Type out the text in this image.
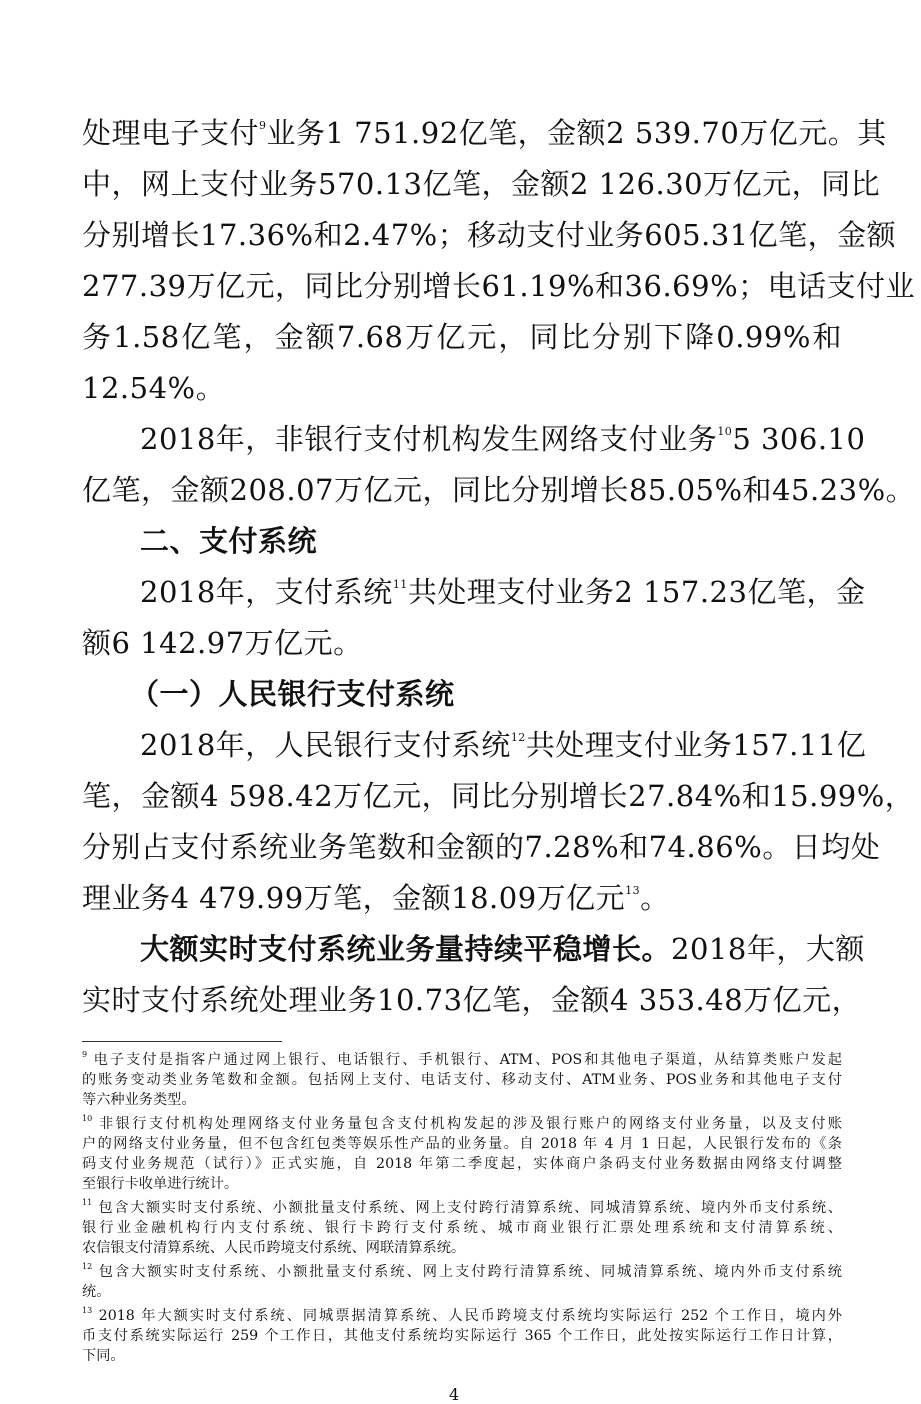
处理电子支付$^9$业务1 751.92亿笔，金额2 539.70万亿元。其
中，网上支付业务570.13亿笔，金额2 126.30万亿元，同比
分别增长17.36%和2.47%；移动支付业务605.31亿笔，金额
277.39万亿元，同比分别增长61.19%和36.69%；电话支付业
务1.58亿笔，金额7.68万亿元，同比分别下降0.99%和
12.54%。
2018年，非银行支付机构发生网络支付业务$^{10}$5 306.10
亿笔，金额208.07万亿元，同比分别增长85.05%和45.23%。
二、支付系统
2018年，支付系统$^{11}$共处理支付业务2 157.23亿笔，金
额6 142.97万亿元。
（一）人民银行支付系统
2018年，人民银行支付系统$^{12}$共处理支付业务157.11亿
笔，金额4 598.42万亿元，同比分别增长27.84%和15.99%，
分别占支付系统业务笔数和金额的7.28%和74.86%。日均处
理业务4 479.99万笔，金额18.09万亿元$^{13}$。
大额实时支付系统业务量持续平稳增长。2018年，大额
实时支付系统处理业务10.73亿笔，金额4 353.48万亿元，
$^9$ 电子支付是指客户通过网上银行、电话银行、手机银行、ATM、POS和其他电子渠道，从结算类账户发起
的账务变动类业务笔数和金额。包括网上支付、电话支付、移动支付、ATM业务、POS业务和其他电子支付
等六种业务类型。
$^{10}$ 非银行支付机构处理网络支付业务量包含支付机构发起的涉及银行账户的网络支付业务量，以及支付账
户的网络支付业务量，但不包含红包类等娱乐性产品的业务量。自 2018 年 4 月 1 日起，人民银行发布的《条
码支付业务规范（试行）》正式实施，自 2018 年第二季度起，实体商户条码支付业务数据由网络支付调整
至银行卡收单进行统计。
$^{11}$ 包含大额实时支付系统、小额批量支付系统、网上支付跨行清算系统、同城清算系统、境内外币支付系统、
银行业金融机构行内支付系统、银行卡跨行支付系统、城市商业银行汇票处理系统和支付清算系统、
农信银支付清算系统、人民币跨境支付系统、网联清算系统。
$^{12}$ 包含大额实时支付系统、小额批量支付系统、网上支付跨行清算系统、同城清算系统、境内外币支付系统
统。
$^{13}$ 2018 年大额实时支付系统、同城票据清算系统、人民币跨境支付系统均实际运行 252 个工作日，境内外
币支付系统实际运行 259 个工作日，其他支付系统均实际运行 365 个工作日，此处按实际运行工作日计算，
下同。
4
